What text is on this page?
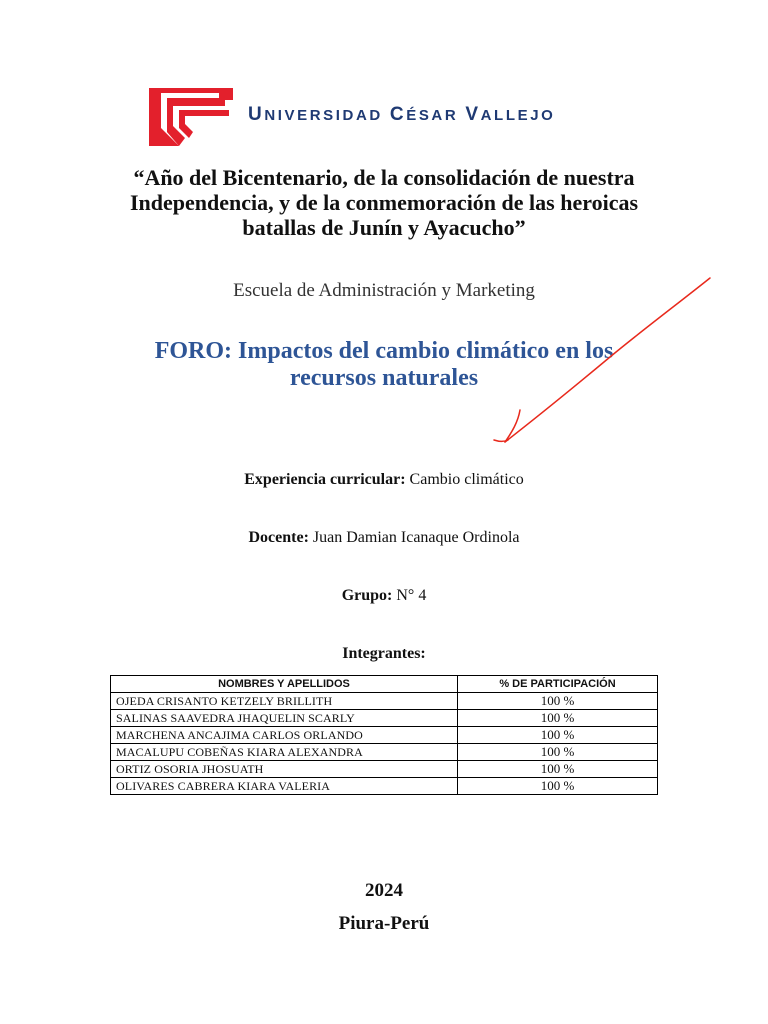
UNIVERSIDAD CÉSAR VALLEJO
“Año del Bicentenario, de la consolidación de nuestra
Independencia, y de la conmemoración de las heroicas
batallas de Junín y Ayacucho”
Escuela de Administración y Marketing
FORO: Impactos del cambio climático en los
recursos naturales
Experiencia curricular: Cambio climático
Docente: Juan Damian Icanaque Ordinola
Grupo: N° 4
Integrantes:
NOMBRES Y APELLIDOS	% DE PARTICIPACIÓN
OJEDA CRISANTO KETZELY BRILLITH	100 %
SALINAS SAAVEDRA JHAQUELIN SCARLY	100 %
MARCHENA ANCAJIMA CARLOS ORLANDO	100 %
MACALUPU COBEÑAS KIARA ALEXANDRA	100 %
ORTIZ OSORIA JHOSUATH	100 %
OLIVARES CABRERA KIARA VALERIA	100 %
2024
Piura-Perú
